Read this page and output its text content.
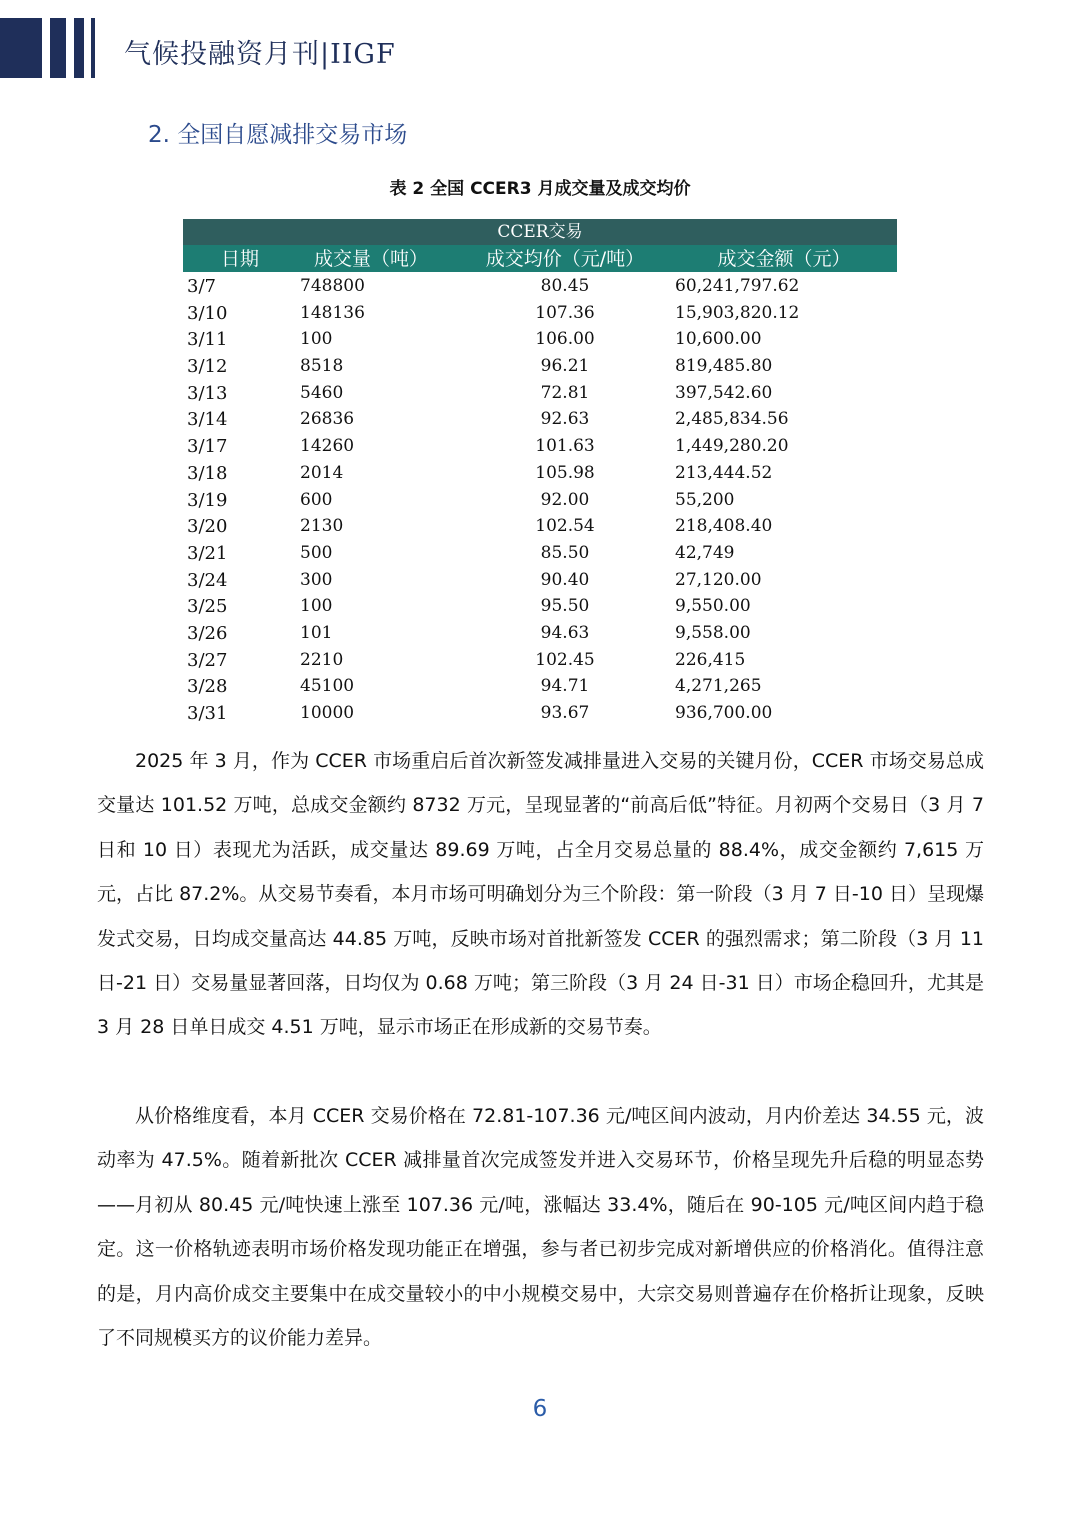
气候投融资月刊|IIGF
2. 全国自愿减排交易市场
表 2 全国 CCER3 月成交量及成交均价
CCER交易
日期	成交量（吨）	成交均价（元/吨）	成交金额（元）
3/7	748800	80.45	60,241,797.62
3/10	148136	107.36	15,903,820.12
3/11	100	106.00	10,600.00
3/12	8518	96.21	819,485.80
3/13	5460	72.81	397,542.60
3/14	26836	92.63	2,485,834.56
3/17	14260	101.63	1,449,280.20
3/18	2014	105.98	213,444.52
3/19	600	92.00	55,200
3/20	2130	102.54	218,408.40
3/21	500	85.50	42,749
3/24	300	90.40	27,120.00
3/25	100	95.50	9,550.00
3/26	101	94.63	9,558.00
3/27	2210	102.45	226,415
3/28	45100	94.71	4,271,265
3/31	10000	93.67	936,700.00

2025 年 3 月，作为 CCER 市场重启后首次新签发减排量进入交易的关键月份，CCER 市场交易总成交量达 101.52 万吨，总成交金额约 8732 万元，呈现显著的“前高后低”特征。月初两个交易日（3 月 7 日和 10 日）表现尤为活跃，成交量达 89.69 万吨，占全月交易总量的 88.4%，成交金额约 7,615 万元，占比 87.2%。从交易节奏看，本月市场可明确划分为三个阶段：第一阶段（3 月 7 日-10 日）呈现爆发式交易，日均成交量高达 44.85 万吨，反映市场对首批新签发 CCER 的强烈需求；第二阶段（3 月 11 日-21 日）交易量显著回落，日均仅为 0.68 万吨；第三阶段（3 月 24 日-31 日）市场企稳回升，尤其是 3 月 28 日单日成交 4.51 万吨，显示市场正在形成新的交易节奏。

从价格维度看，本月 CCER 交易价格在 72.81-107.36 元/吨区间内波动，月内价差达 34.55 元，波动率为 47.5%。随着新批次 CCER 减排量首次完成签发并进入交易环节，价格呈现先升后稳的明显态势——月初从 80.45 元/吨快速上涨至 107.36 元/吨，涨幅达 33.4%，随后在 90-105 元/吨区间内趋于稳定。这一价格轨迹表明市场价格发现功能正在增强，参与者已初步完成对新增供应的价格消化。值得注意的是，月内高价成交主要集中在成交量较小的中小规模交易中，大宗交易则普遍存在价格折让现象，反映了不同规模买方的议价能力差异。

6
